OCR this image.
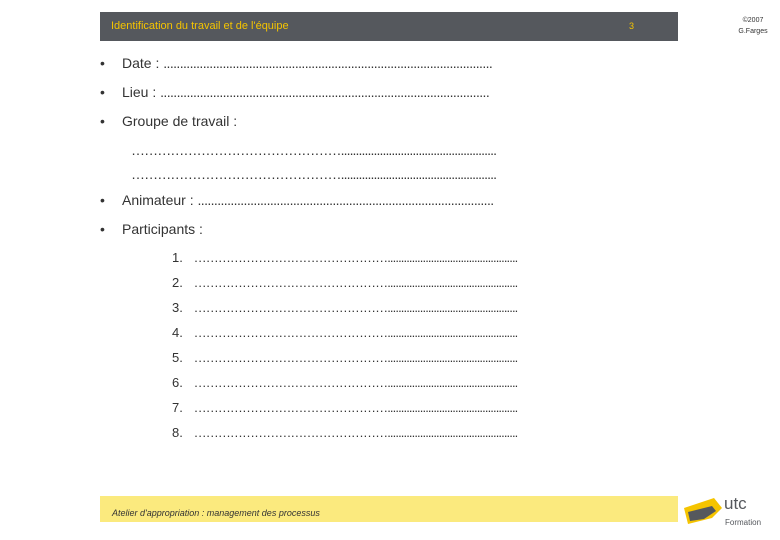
Identification du travail et de l'équipe	3
©2007
G.Farges
• Date : ....................................................................................................
• Lieu : ....................................................................................................
• Groupe de travail :
…………………………………………....................................................
…………………………………………....................................................
• Animateur : ..........................................................................................
• Participants :
1. …………………………………………................................................
2. …………………………………………................................................
3. …………………………………………................................................
4. …………………………………………................................................
5. …………………………………………................................................
6. …………………………………………................................................
7. …………………………………………................................................
8. …………………………………………................................................
Atelier d'appropriation : management des processus	utc
Formation
